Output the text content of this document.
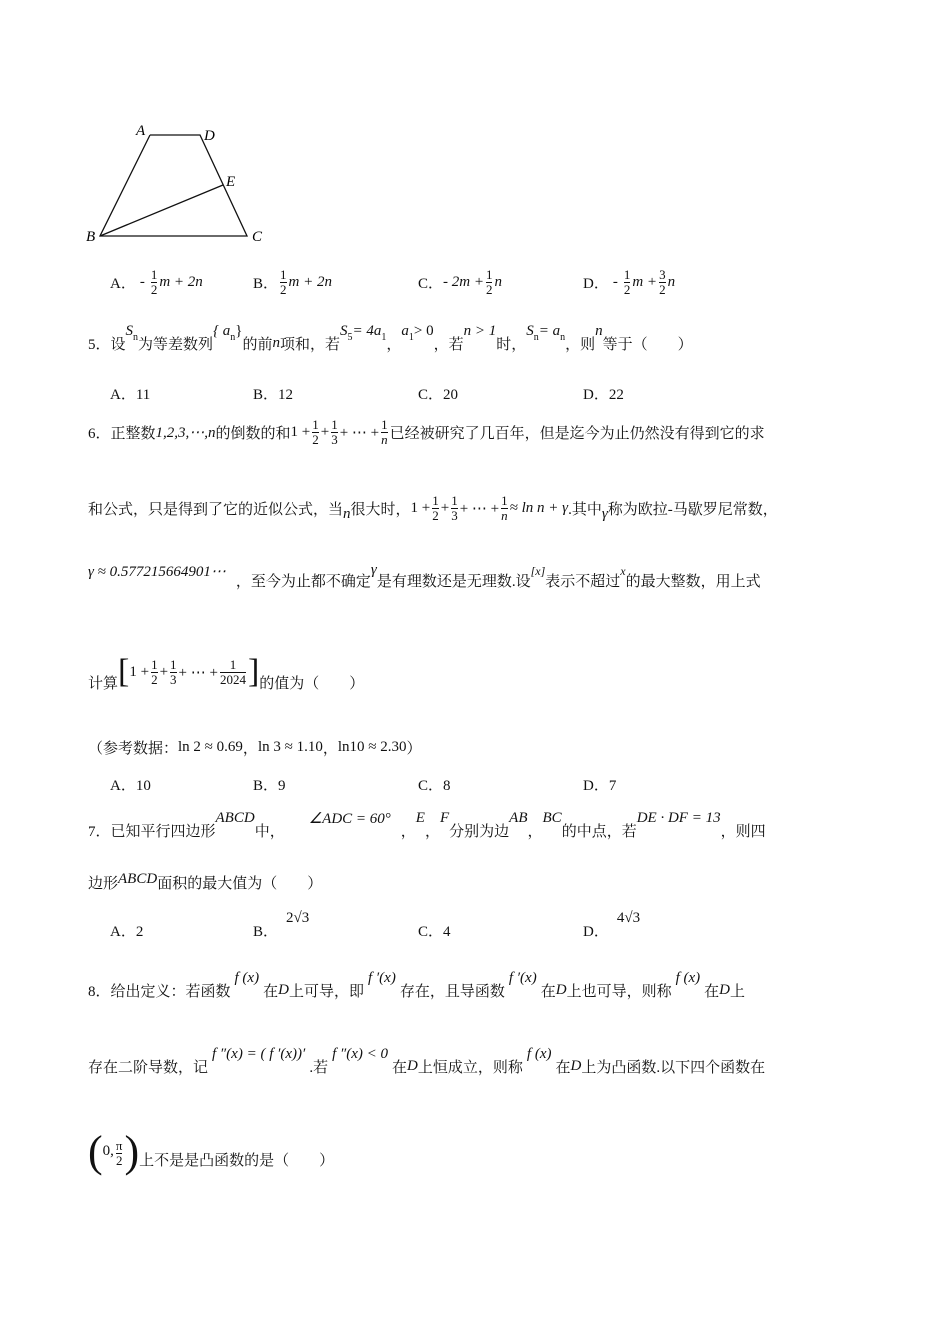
A	D
E
B	C
A． - $\frac{1}{2}$ m + 2n	B． $\frac{1}{2}$ m + 2n	C． - $2m + \frac{1}{2}$ n	D． - $\frac{1}{2}$ $m + \frac{3}{2}$ n
5．设
S n 为等差数列
{ a n }
的前 n 项和，若
S 5 = 4a 1 ，
a 1 > 0
，若
n > 1
时，
S n = a n ，则
n
等于（　　）
A．11	B．12	C．20	D．22
6．正整数 1,2,3,⋯,n 的倒数的和 $1 + \frac{1}{2} + \frac{1}{3}$ + ⋯ + $\frac{1}{n}$ 已经被研究了几百年，但是迄今为止仍然没有得到它的求
和公式，只是得到了它的近似公式，当 n 很大时， $1 + \frac{1}{2} + \frac{1}{3}$ + ⋯ + $\frac{1}{n} \approx \ln n + \gamma$ .其中 γ 称为欧拉-马歇罗尼常数，
γ ≈ 0.577215664901⋯
，至今为止都不确定
γ
是有理数还是无理数.设
[x]
表示不超过
x
的最大整数，用上式
计算 [ $1 + \frac{1}{2} + \frac{1}{3}$ + ⋯ + $\frac{1}{2024}$ ] 的值为（　　）
（参考数据： ln 2 ≈ 0.69 ， ln 3 ≈ 1.10 ， ln10 ≈ 2.30 ）
A．10	B．9	C．8	D．7
7．已知平行四边形
ABCD
中，
∠ADC = 60°
，
E
，
F
分别为边
AB
，
BC
的中点，若
DE · DF = 13
，则四
边形 ABCD 面积的最大值为（　　）
A．2	B．
2√3
C．4	D．
4√3
8．给出定义：若函数
f (x)
在 D 上可导，即
f ′(x)
存在，且导函数
f ′(x)
在 D 上也可导，则称
f (x)
在 D 上
存在二阶导数，记
f ″(x) = ( f ′(x))′
.若
f ″(x) < 0
在 D 上恒成立，则称
f (x)
在 D 上为凸函数.以下四个函数在
( 0, $\frac{\pi}{2}$ ) 上不是是凸函数的是（　　）
